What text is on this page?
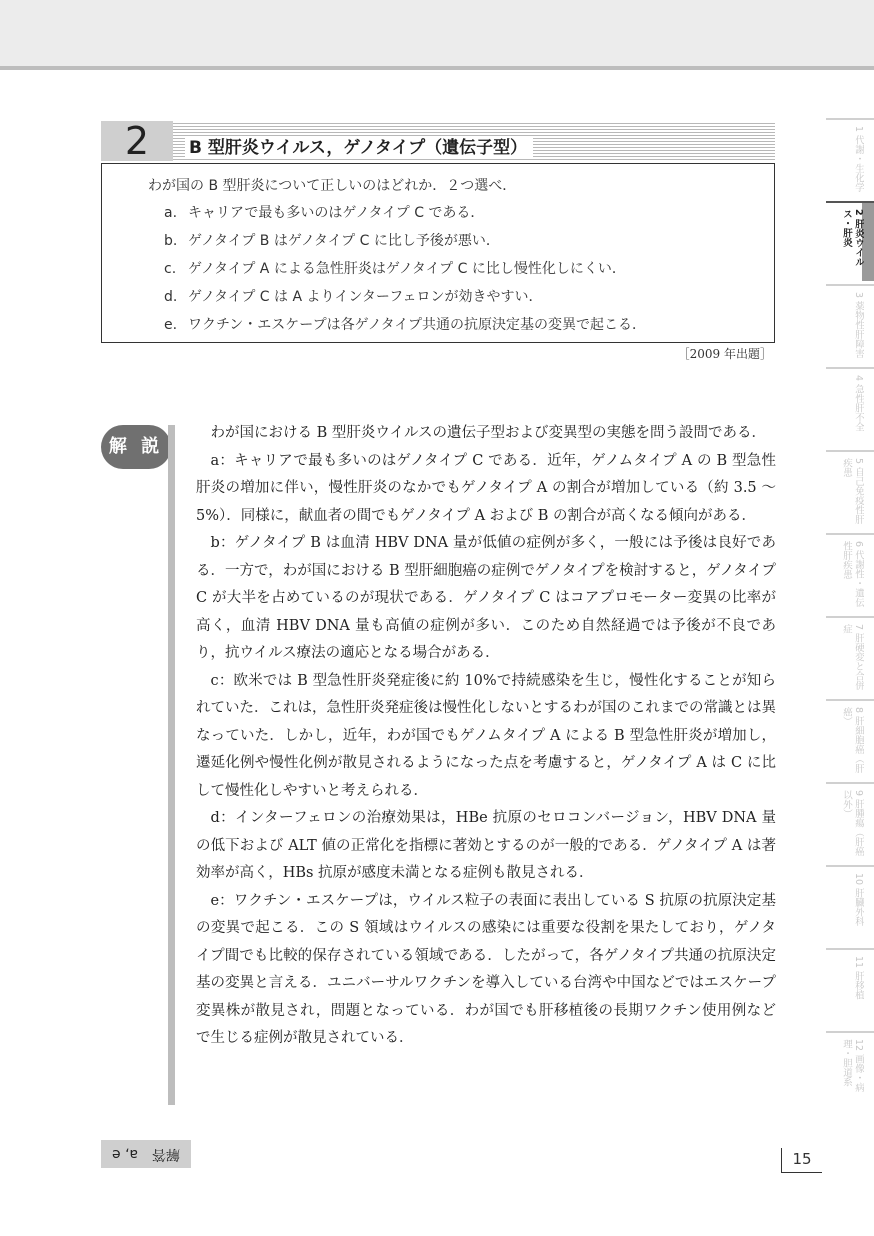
2	B 型肝炎ウイルス，ゲノタイプ（遺伝子型）
わが国の B 型肝炎について正しいのはどれか．２つ選べ．
a. キャリアで最も多いのはゲノタイプ C である．
b. ゲノタイプ B はゲノタイプ C に比し予後が悪い．
c. ゲノタイプ A による急性肝炎はゲノタイプ C に比し慢性化しにくい．
d. ゲノタイプ C は A よりインターフェロンが効きやすい．
e. ワクチン・エスケープは各ゲノタイプ共通の抗原決定基の変異で起こる．
［2009 年出題］
解 説

わが国における B 型肝炎ウイルスの遺伝子型および変異型の実態を問う設問である．

a：キャリアで最も多いのはゲノタイプ C である．近年，ゲノムタイプ A の B 型急性肝炎の増加に伴い，慢性肝炎のなかでもゲノタイプ A の割合が増加している（約 3.5 ～ 5%）．同様に，献血者の間でもゲノタイプ A および B の割合が高くなる傾向がある．

b：ゲノタイプ B は血清 HBV DNA 量が低値の症例が多く，一般には予後は良好である．一方で，わが国における B 型肝細胞癌の症例でゲノタイプを検討すると，ゲノタイプ C が大半を占めているのが現状である．ゲノタイプ C はコアプロモーター変異の比率が高く，血清 HBV DNA 量も高値の症例が多い．このため自然経過では予後が不良であり，抗ウイルス療法の適応となる場合がある．

c：欧米では B 型急性肝炎発症後に約 10%で持続感染を生じ，慢性化することが知られていた．これは，急性肝炎発症後は慢性化しないとするわが国のこれまでの常識とは異なっていた．しかし，近年，わが国でもゲノムタイプ A による B 型急性肝炎が増加し，遷延化例や慢性化例が散見されるようになった点を考慮すると，ゲノタイプ A は C に比して慢性化しやすいと考えられる．

d：インターフェロンの治療効果は，HBe 抗原のセロコンバージョン，HBV DNA 量の低下および ALT 値の正常化を指標に著効とするのが一般的である．ゲノタイプ A は著効率が高く，HBs 抗原が感度未満となる症例も散見される．

e：ワクチン・エスケープは，ウイルス粒子の表面に表出している S 抗原の抗原決定基の変異で起こる．この S 領域はウイルスの感染には重要な役割を果たしており，ゲノタイプ間でも比較的保存されている領域である．したがって，各ゲノタイプ共通の抗原決定基の変異と言える．ユニバーサルワクチンを導入している台湾や中国などではエスケープ変異株が散見され，問題となっている．わが国でも肝移植後の長期ワクチン使用例などで生じる症例が散見されている．

1 代謝・生化学
2 肝炎ウイルス・肝炎
3 薬物性肝障害
4 急性肝不全
5 自己免疫性肝疾患
6 代謝性・遺伝性肝疾患
7 肝硬変と合併症
8 肝細胞癌（肝癌）
9 肝腫瘍（肝癌以外）
10 肝臓外科
11 肝移植
12 画像・病理・胆道系
解答　a, e	15
